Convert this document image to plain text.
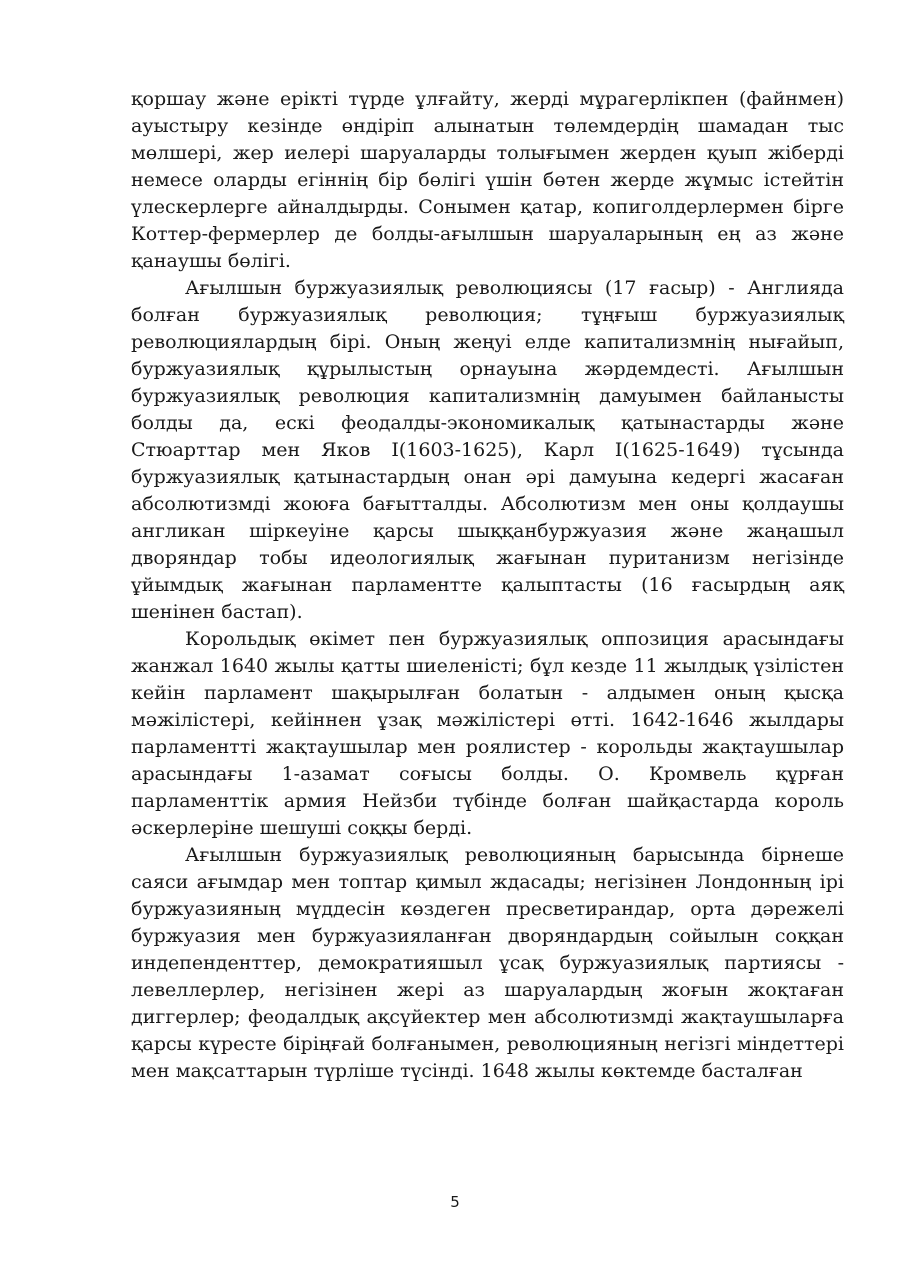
қоршау және ерікті түрде ұлғайту, жерді мұрагерлікпен (файнмен) ауыстыру кезінде өндіріп алынатын төлемдердің шамадан тыс мөлшері, жер иелері шаруаларды толығымен жерден қуып жіберді немесе оларды егіннің бір бөлігі үшін бөтен жерде жұмыс істейтін үлескерлерге айналдырды. Сонымен қатар, копиголдерлермен бірге Коттер-фермерлер де болды-ағылшын шаруаларының ең аз және қанаушы бөлігі.

Ағылшын буржуазиялық революциясы (17 ғасыр) - Англияда болған буржуазиялық революция; тұңғыш буржуазиялық революциялардың бірі. Оның жеңуі елде капитализмнің нығайып, буржуазиялық құрылыстың орнауына жәрдемдесті. Ағылшын буржуазиялық революция капитализмнің дамуымен байланысты болды да, ескі феодалды-экономикалық қатынастарды және Стюарттар мен Яков I(1603-1625), Карл I(1625-1649) тұсында буржуазиялық қатынастардың онан әрі дамуына кедергі жасаған абсолютизмді жоюға бағытталды. Абсолютизм мен оны қолдаушы англикан шіркеуіне қарсы шыққанбуржуазия және жаңашыл дворяндар тобы идеологиялық жағынан пуританизм негізінде ұйымдық жағынан парламентте қалыптасты (16 ғасырдың аяқ шенінен бастап).

Корольдық өкімет пен буржуазиялық оппозиция арасындағы жанжал 1640 жылы қатты шиеленісті; бұл кезде 11 жылдық үзілістен кейін парламент шақырылған болатын - алдымен оның қысқа мәжілістері, кейіннен ұзақ мәжілістері өтті. 1642-1646 жылдары парламентті жақтаушылар мен роялистер - корольды жақтаушылар арасындағы 1-азамат соғысы болды. О. Кромвель құрған парламенттік армия Нейзби түбінде болған шайқастарда король әскерлеріне шешуші соққы берді.

Ағылшын буржуазиялық революцияның барысында бірнеше саяси ағымдар мен топтар қимыл ждасады; негізінен Лондонның ірі буржуазияның мүддесін көздеген пресветирандар, орта дәрежелі буржуазия мен буржуазияланған дворяндардың сойылын соққан индепенденттер, демократияшыл ұсақ буржуазиялық партиясы - левеллерлер, негізінен жері аз шаруалардың жоғын жоқтаған диггерлер; феодалдық ақсүйектер мен абсолютизмді жақтаушыларға қарсы күресте біріңғай болғанымен, революцияның негізгі міндеттері мен мақсаттарын түрліше түсінді. 1648 жылы көктемде басталған

5
